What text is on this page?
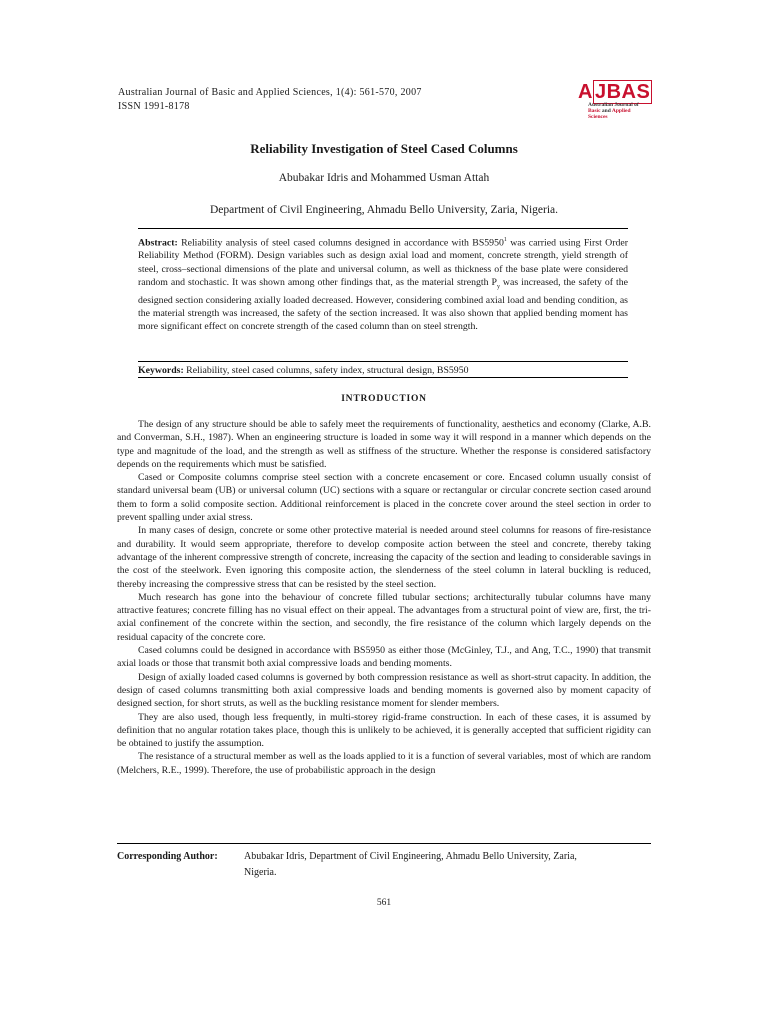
Australian Journal of Basic and Applied Sciences, 1(4): 561-570, 2007
ISSN 1991-8178
A JBAS
Australian Journal of
Basic and Applied Sciences
Reliability Investigation of Steel Cased Columns
Abubakar Idris and Mohammed Usman Attah
Department of Civil Engineering, Ahmadu Bello University, Zaria, Nigeria.
Abstract: Reliability analysis of steel cased columns designed in accordance with BS5950$^1$ was carried using First Order Reliability Method (FORM). Design variables such as design axial load and moment, concrete strength, yield strength of steel, cross–sectional dimensions of the plate and universal column, as well as thickness of the base plate were considered random and stochastic. It was shown among other findings that, as the material strength $P_y$ was increased, the safety of the designed section considering axially loaded decreased. However, considering combined axial load and bending condition, as the material strength was increased, the safety of the section increased. It was also shown that applied bending moment has more significant effect on concrete strength of the cased column than on steel strength.
Keywords: Reliability, steel cased columns, safety index, structural design, BS5950
INTRODUCTION

The design of any structure should be able to safely meet the requirements of functionality, aesthetics and economy (Clarke, A.B. and Converman, S.H., 1987). When an engineering structure is loaded in some way it will respond in a manner which depends on the type and magnitude of the load, and the strength as well as stiffness of the structure. Whether the response is considered satisfactory depends on the requirements which must be satisfied.

Cased or Composite columns comprise steel section with a concrete encasement or core. Encased column usually consist of standard universal beam (UB) or universal column (UC) sections with a square or rectangular or circular concrete section cased around them to form a solid composite section. Additional reinforcement is placed in the concrete cover around the steel section in order to prevent spalling under axial stress.

In many cases of design, concrete or some other protective material is needed around steel columns for reasons of fire-resistance and durability. It would seem appropriate, therefore to develop composite action between the steel and concrete, thereby taking advantage of the inherent compressive strength of concrete, increasing the capacity of the section and leading to considerable savings in the cost of the steelwork. Even ignoring this composite action, the slenderness of the steel column in lateral buckling is reduced, thereby increasing the compressive stress that can be resisted by the steel section.

Much research has gone into the behaviour of concrete filled tubular sections; architecturally tubular columns have many attractive features; concrete filling has no visual effect on their appeal. The advantages from a structural point of view are, first, the tri-axial confinement of the concrete within the section, and secondly, the fire resistance of the column which largely depends on the residual capacity of the concrete core.

Cased columns could be designed in accordance with BS5950 as either those (McGinley, T.J., and Ang, T.C., 1990) that transmit axial loads or those that transmit both axial compressive loads and bending moments.

Design of axially loaded cased columns is governed by both compression resistance as well as short-strut capacity. In addition, the design of cased columns transmitting both axial compressive loads and bending moments is governed also by moment capacity of designed section, for short struts, as well as the buckling resistance moment for slender members.

They are also used, though less frequently, in multi-storey rigid-frame construction. In each of these cases, it is assumed by definition that no angular rotation takes place, though this is unlikely to be achieved, it is generally accepted that sufficient rigidity can be obtained to justify the assumption.

The resistance of a structural member as well as the loads applied to it is a function of several variables, most of which are random (Melchers, R.E., 1999). Therefore, the use of probabilistic approach in the design

Corresponding Author:	Abubakar Idris, Department of Civil Engineering, Ahmadu Bello University, Zaria,
Nigeria.
561
